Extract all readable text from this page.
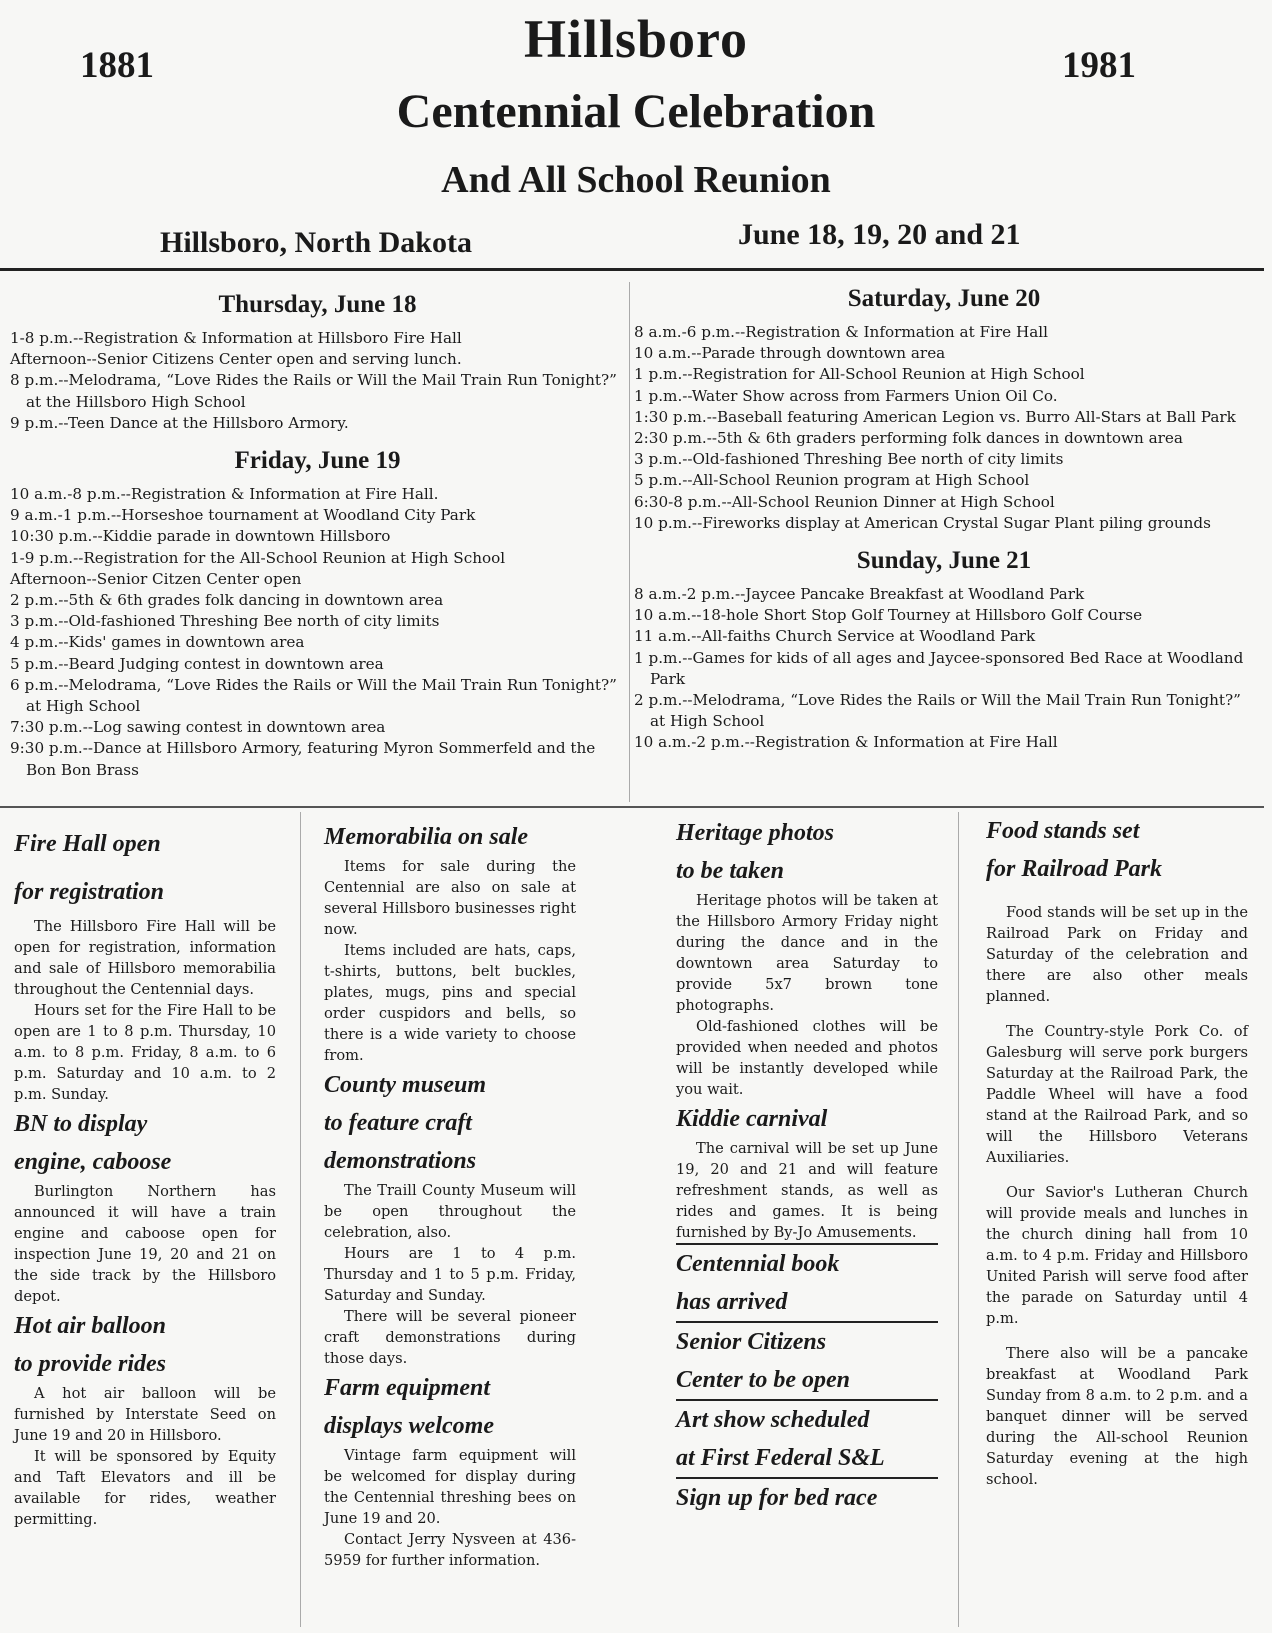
1881	1981
Hillsboro
Centennial Celebration
And All School Reunion
Hillsboro, North Dakota	June 18, 19, 20 and 21
Thursday, June 18
1-8 p.m.--Registration & Information at Hillsboro Fire Hall
Afternoon--Senior Citizens Center open and serving lunch.
8 p.m.--Melodrama, “Love Rides the Rails or Will the Mail Train Run Tonight?” at the Hillsboro High School
9 p.m.--Teen Dance at the Hillsboro Armory.
Friday, June 19
10 a.m.-8 p.m.--Registration & Information at Fire Hall.
9 a.m.-1 p.m.--Horseshoe tournament at Woodland City Park
10:30 p.m.--Kiddie parade in downtown Hillsboro
1-9 p.m.--Registration for the All-School Reunion at High School
Afternoon--Senior Citzen Center open
2 p.m.--5th & 6th grades folk dancing in downtown area
3 p.m.--Old-fashioned Threshing Bee north of city limits
4 p.m.--Kids' games in downtown area
5 p.m.--Beard Judging contest in downtown area
6 p.m.--Melodrama, “Love Rides the Rails or Will the Mail Train Run Tonight?” at High School
7:30 p.m.--Log sawing contest in downtown area
9:30 p.m.--Dance at Hillsboro Armory, featuring Myron Sommerfeld and the Bon Bon Brass
Saturday, June 20
8 a.m.-6 p.m.--Registration & Information at Fire Hall
10 a.m.--Parade through downtown area
1 p.m.--Registration for All-School Reunion at High School
1 p.m.--Water Show across from Farmers Union Oil Co.
1:30 p.m.--Baseball featuring American Legion vs. Burro All-Stars at Ball Park
2:30 p.m.--5th & 6th graders performing folk dances in downtown area
3 p.m.--Old-fashioned Threshing Bee north of city limits
5 p.m.--All-School Reunion program at High School
6:30-8 p.m.--All-School Reunion Dinner at High School
10 p.m.--Fireworks display at American Crystal Sugar Plant piling grounds
Sunday, June 21
8 a.m.-2 p.m.--Jaycee Pancake Breakfast at Woodland Park
10 a.m.--18-hole Short Stop Golf Tourney at Hillsboro Golf Course
11 a.m.--All-faiths Church Service at Woodland Park
1 p.m.--Games for kids of all ages and Jaycee-sponsored Bed Race at Woodland Park
2 p.m.--Melodrama, “Love Rides the Rails or Will the Mail Train Run Tonight?” at High School
10 a.m.-2 p.m.--Registration & Information at Fire Hall
Fire Hall open
for registration

The Hillsboro Fire Hall will be open for registration, information and sale of Hillsboro memorabilia throughout the Centennial days.

Hours set for the Fire Hall to be open are 1 to 8 p.m. Thursday, 10 a.m. to 8 p.m. Friday, 8 a.m. to 6 p.m. Saturday and 10 a.m. to 2 p.m. Sunday.

BN to display
engine, caboose

Burlington Northern has announced it will have a train engine and caboose open for inspection June 19, 20 and 21 on the side track by the Hillsboro depot.

Hot air balloon
to provide rides

A hot air balloon will be furnished by Interstate Seed on June 19 and 20 in Hillsboro.

It will be sponsored by Equity and Taft Elevators and ill be available for rides, weather permitting.

Memorabilia on sale

Items for sale during the Centennial are also on sale at several Hillsboro businesses right now.

Items included are hats, caps, t-shirts, buttons, belt buckles, plates, mugs, pins and special order cuspidors and bells, so there is a wide variety to choose from.

County museum
to feature craft
demonstrations

The Traill County Museum will be open throughout the celebration, also.

Hours are 1 to 4 p.m. Thursday and 1 to 5 p.m. Friday, Saturday and Sunday.

There will be several pioneer craft demonstrations during those days.

Farm equipment
displays welcome

Vintage farm equipment will be welcomed for display during the Centennial threshing bees on June 19 and 20.

Contact Jerry Nysveen at 436-5959 for further information.

Heritage photos
to be taken

Heritage photos will be taken at the Hillsboro Armory Friday night during the dance and in the downtown area Saturday to provide 5x7 brown tone photographs.

Old-fashioned clothes will be provided when needed and photos will be instantly developed while you wait.

Kiddie carnival

The carnival will be set up June 19, 20 and 21 and will feature refreshment stands, as well as rides and games. It is being furnished by By-Jo Amusements.

Centennial book
has arrived
Senior Citizens
Center to be open
Art show scheduled
at First Federal S&L
Sign up for bed race
Food stands set
for Railroad Park

Food stands will be set up in the Railroad Park on Friday and Saturday of the celebration and there are also other meals planned.

The Country-style Pork Co. of Galesburg will serve pork burgers Saturday at the Railroad Park, the Paddle Wheel will have a food stand at the Railroad Park, and so will the Hillsboro Veterans Auxiliaries.

Our Savior's Lutheran Church will provide meals and lunches in the church dining hall from 10 a.m. to 4 p.m. Friday and Hillsboro United Parish will serve food after the parade on Saturday until 4 p.m.

There also will be a pancake breakfast at Woodland Park Sunday from 8 a.m. to 2 p.m. and a banquet dinner will be served during the All-school Reunion Saturday evening at the high school.
